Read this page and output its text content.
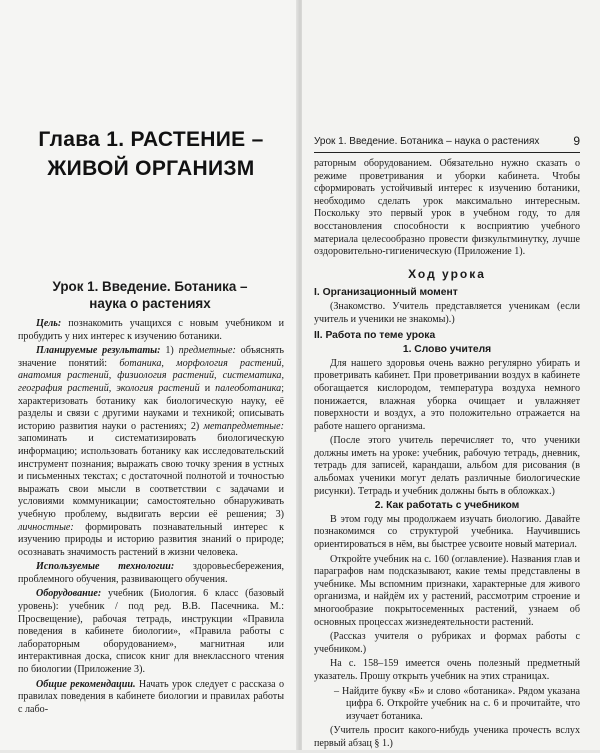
Глава 1. РАСТЕНИЕ –
ЖИВОЙ ОРГАНИЗМ
Урок 1. Введение. Ботаника –
наука о растениях

Цель: познакомить учащихся с новым учебником и пробудить у них интерес к изучению ботаники.

Планируемые результаты: 1) предметные: объяснять значение понятий: ботаника, морфология растений, анатомия растений, физиология растений, систематика, география растений, экология растений и палеоботаника; характеризовать ботанику как биологическую науку, её разделы и связи с другими науками и техникой; описывать историю развития науки о растениях; 2) метапредметные: запоминать и систематизировать биологическую информацию; использовать ботанику как исследовательский инструмент познания; выражать свою точку зрения в устных и письменных текстах; с достаточной полнотой и точностью выражать свои мысли в соответствии с задачами и условиями коммуникации; самостоятельно обнаруживать учебную проблему, выдвигать версии её решения; 3) личностные: формировать познавательный интерес к изучению природы и историю развития знаний о природе; осознавать значимость растений в жизни человека.

Используемые технологии: здоровьесбережения, проблемного обучения, развивающего обучения.

Оборудование: учебник (Биология. 6 класс (базовый уровень): учебник / под ред. В.В. Пасечника. М.: Просвещение), рабочая тетрадь, инструкции «Правила поведения в кабинете биологии», «Правила работы с лабораторным оборудованием», магнитная или интерактивная доска, список книг для внеклассного чтения по биологии (Приложение 3).

Общие рекомендации. Начать урок следует с рассказа о правилах поведения в кабинете биологии и правилах работы с лабо-

Урок 1. Введение. Ботаника – наука о растениях	9

раторным оборудованием. Обязательно нужно сказать о режиме проветривания и уборки кабинета. Чтобы сформировать устойчивый интерес к изучению ботаники, необходимо сделать урок максимально интересным. Поскольку это первый урок в учебном году, то для восстановления способности к восприятию учебного материала целесообразно провести физкультминутку, лучше оздоровительно-гигиеническую (Приложение 1).

Ход урока
I. Организационный момент

(Знакомство. Учитель представляется ученикам (если учитель и ученики не знакомы).)

II. Работа по теме урока
1. Слово учителя

Для нашего здоровья очень важно регулярно убирать и проветривать кабинет. При проветривании воздух в кабинете обогащается кислородом, температура воздуха немного понижается, влажная уборка очищает и увлажняет поверхности и воздух, а это положительно отражается на работе нашего организма.

(После этого учитель перечисляет то, что ученики должны иметь на уроке: учебник, рабочую тетрадь, дневник, тетрадь для записей, карандаши, альбом для рисования (в альбомах ученики могут делать различные биологические рисунки). Тетрадь и учебник должны быть в обложках.)

2. Как работать с учебником

В этом году мы продолжаем изучать биологию. Давайте познакомимся со структурой учебника. Научившись ориентироваться в нём, вы быстрее усвоите новый материал.

Откройте учебник на с. 160 (оглавление). Названия глав и параграфов нам подсказывают, какие темы представлены в учебнике. Мы вспомним признаки, характерные для живого организма, и найдём их у растений, рассмотрим строение и многообразие покрытосеменных растений, узнаем об основных процессах жизнедеятельности растений.

(Рассказ учителя о рубриках и формах работы с учебником.)

На с. 158–159 имеется очень полезный предметный указатель. Прошу открыть учебник на этих страницах.

– Найдите букву «Б» и слово «ботаника». Рядом указана цифра 6. Откройте учебник на с. 6 и прочитайте, что изучает ботаника.

(Учитель просит какого-нибудь ученика прочесть вслух первый абзац § 1.)
